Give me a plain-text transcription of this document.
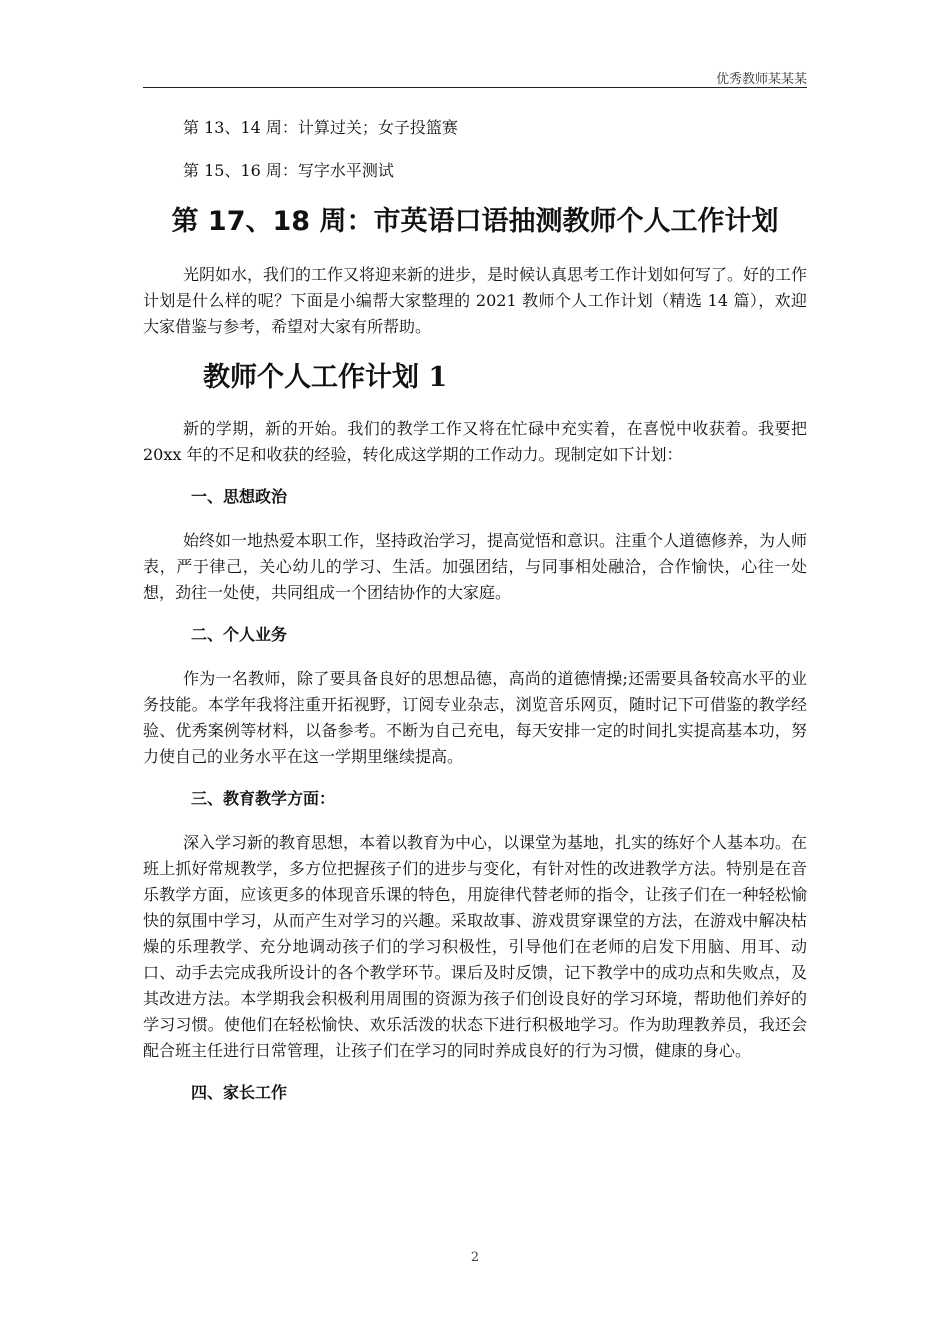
优秀教师某某某

第 13、14 周：计算过关；女子投篮赛

第 15、16 周：写字水平测试

第 17、18 周：市英语口语抽测教师个人工作计划

光阴如水，我们的工作又将迎来新的进步，是时候认真思考工作计划如何写了。好的工作计划是什么样的呢？下面是小编帮大家整理的 2021 教师个人工作计划（精选 14 篇），欢迎大家借鉴与参考，希望对大家有所帮助。

教师个人工作计划 1

新的学期，新的开始。我们的教学工作又将在忙碌中充实着，在喜悦中收获着。我要把 20xx 年的不足和收获的经验，转化成这学期的工作动力。现制定如下计划：

一、思想政治

始终如一地热爱本职工作，坚持政治学习，提高觉悟和意识。注重个人道德修养，为人师表，严于律己，关心幼儿的学习、生活。加强团结，与同事相处融洽，合作愉快，心往一处想，劲往一处使，共同组成一个团结协作的大家庭。

二、个人业务

作为一名教师，除了要具备良好的思想品德，高尚的道德情操;还需要具备较高水平的业务技能。本学年我将注重开拓视野，订阅专业杂志，浏览音乐网页，随时记下可借鉴的教学经验、优秀案例等材料，以备参考。不断为自己充电，每天安排一定的时间扎实提高基本功，努力使自己的业务水平在这一学期里继续提高。

三、教育教学方面：

深入学习新的教育思想，本着以教育为中心，以课堂为基地，扎实的练好个人基本功。在班上抓好常规教学，多方位把握孩子们的进步与变化，有针对性的改进教学方法。特别是在音乐教学方面，应该更多的体现音乐课的特色，用旋律代替老师的指令，让孩子们在一种轻松愉快的氛围中学习，从而产生对学习的兴趣。采取故事、游戏贯穿课堂的方法，在游戏中解决枯燥的乐理教学、充分地调动孩子们的学习积极性，引导他们在老师的启发下用脑、用耳、动口、动手去完成我所设计的各个教学环节。课后及时反馈，记下教学中的成功点和失败点，及其改进方法。本学期我会积极利用周围的资源为孩子们创设良好的学习环境，帮助他们养好的学习习惯。使他们在轻松愉快、欢乐活泼的状态下进行积极地学习。作为助理教养员，我还会配合班主任进行日常管理，让孩子们在学习的同时养成良好的行为习惯，健康的身心。

四、家长工作
2
